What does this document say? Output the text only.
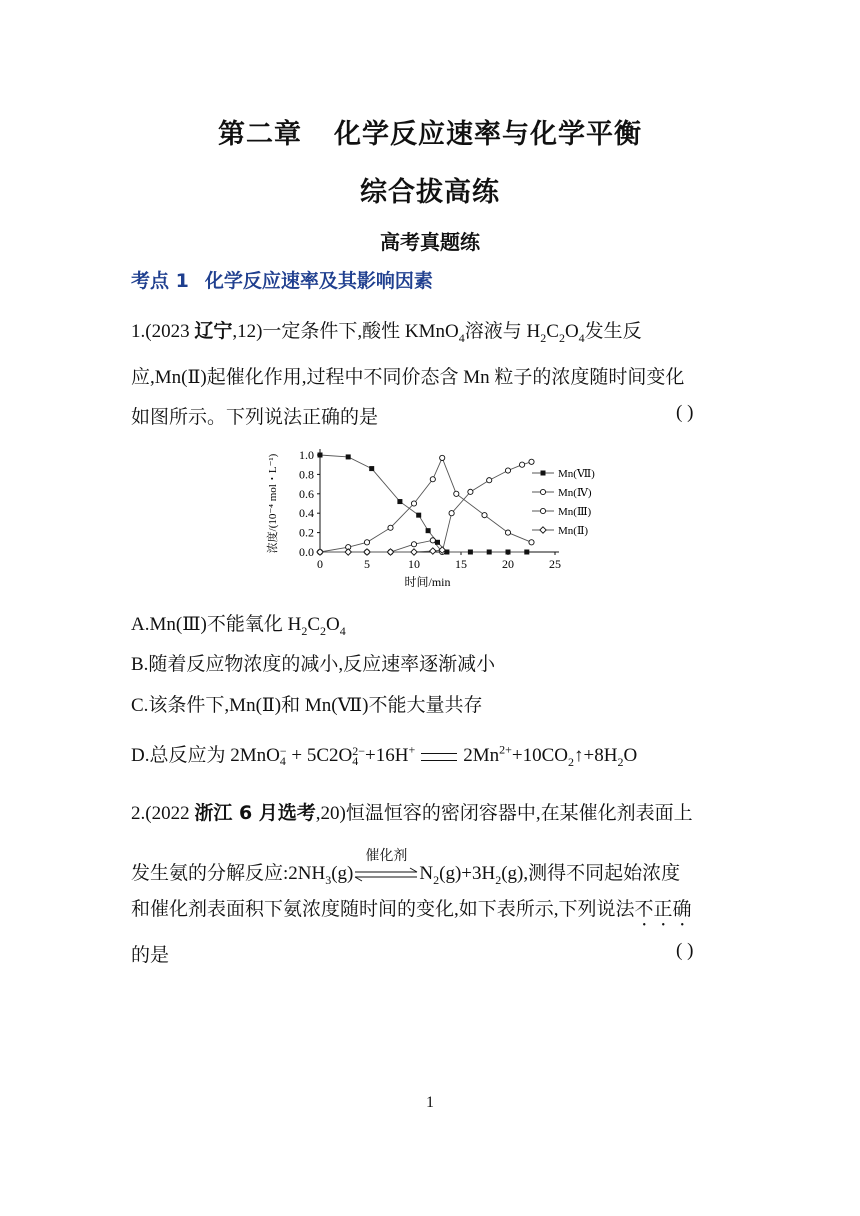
第二章 化学反应速率与化学平衡
综合拔高练
高考真题练
考点 1 化学反应速率及其影响因素
1.(2023 辽宁,12)一定条件下,酸性 KMnO$_4$溶液与 $H_2C_2O_4$发生反
应,Mn(Ⅱ)起催化作用,过程中不同价态含 Mn 粒子的浓度随时间变化
如图所示。下列说法正确的是	( )
0	5	10	15	20	25
0.0
0.2
0.4
0.6
0.8
1.0
时间/min
浓度/(10⁻⁴ mol・L⁻¹)	Mn(Ⅶ)
Mn(Ⅳ)
Mn(Ⅲ)
Mn(Ⅱ)
A.Mn(Ⅲ)不能氧化 $H_2C_2O_4$
B.随着反应物浓度的减小,反应速率逐渐减小
C.该条件下,Mn(Ⅱ)和 Mn(Ⅶ)不能大量共存
D.总反应为 2MnO−
4 + 5C2O2−
4 +16H+	$2Mn^{2+}+10CO_2↑+8H_2O$
2.(2022 浙江 6 月选考,20)恒温恒容的密闭容器中,在某催化剂表面上
发生氨的分解反应$:2NH_3(g)$
催化剂
$N_2(g)+3H_2(g)$,测得不同起始浓度
和催化剂表面积下氨浓度随时间的变化,如下表所示,下列说法不正确
的是	( )
1
